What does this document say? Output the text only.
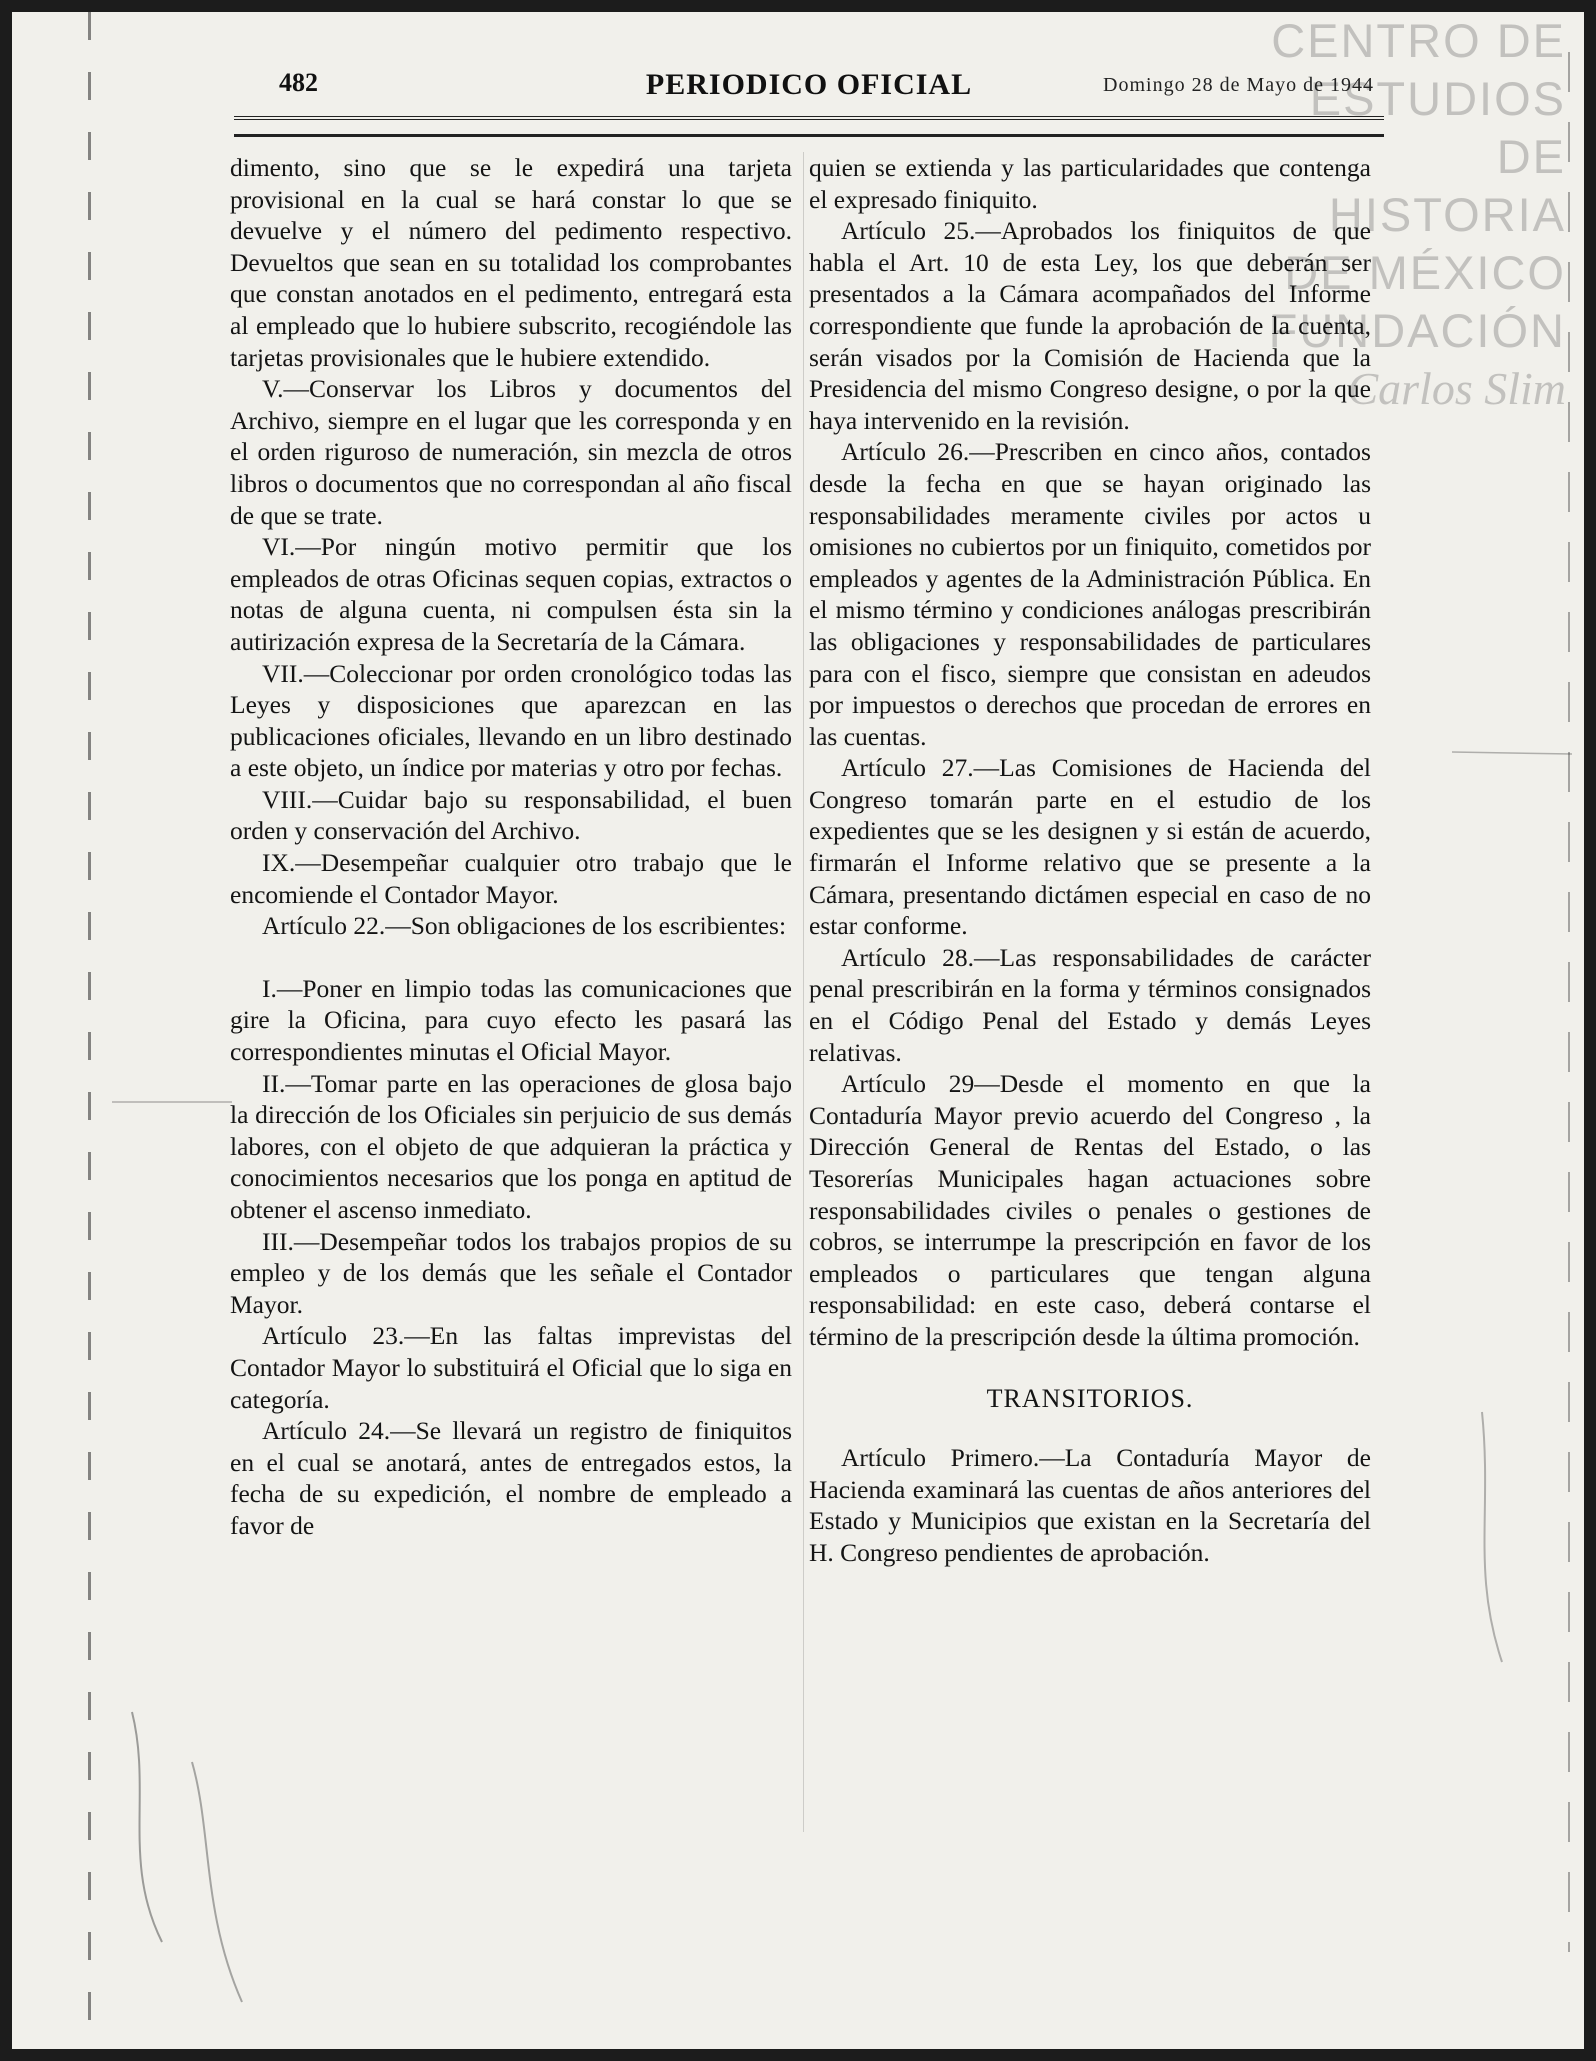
CENTRO DE
ESTUDIOS
DE HISTORIA
DE MÉXICO
FUNDACIÓN
Carlos Slim
482	PERIODICO OFICIAL	Domingo 28 de Mayo de 1944

dimento, sino que se le expedirá una tarjeta provisional en la cual se hará constar lo que se devuelve y el número del pedimento respectivo. Devueltos que sean en su totalidad los comprobantes que constan anotados en el pedimento, entregará esta al empleado que lo hubiere subscrito, recogiéndole las tarjetas provisionales que le hubiere extendido.

V.—Conservar los Libros y documentos del Archivo, siempre en el lugar que les corresponda y en el orden riguroso de numeración, sin mezcla de otros libros o documentos que no correspondan al año fiscal de que se trate.

VI.—Por ningún motivo permitir que los empleados de otras Oficinas sequen copias, extractos o notas de alguna cuenta, ni compulsen ésta sin la autirización expresa de la Secretaría de la Cámara.

VII.—Coleccionar por orden cronológico todas las Leyes y disposiciones que aparezcan en las publicaciones oficiales, llevando en un libro destinado a este objeto, un índice por materias y otro por fechas.

VIII.—Cuidar bajo su responsabilidad, el buen orden y conservación del Archivo.

IX.—Desempeñar cualquier otro trabajo que le encomiende el Contador Mayor.

Artículo 22.—Son obligaciones de los escribientes:

I.—Poner en limpio todas las comunicaciones que gire la Oficina, para cuyo efecto les pasará las correspondientes minutas el Oficial Mayor.

II.—Tomar parte en las operaciones de glosa bajo la dirección de los Oficiales sin perjuicio de sus demás labores, con el objeto de que adquieran la práctica y conocimientos necesarios que los ponga en aptitud de obtener el ascenso inmediato.

III.—Desempeñar todos los trabajos propios de su empleo y de los demás que les señale el Contador Mayor.

Artículo 23.—En las faltas imprevistas del Contador Mayor lo substituirá el Oficial que lo siga en categoría.

Artículo 24.—Se llevará un registro de finiquitos en el cual se anotará, antes de entregados estos, la fecha de su expedición, el nombre de empleado a favor de

quien se extienda y las particularidades que contenga el expresado finiquito.

Artículo 25.—Aprobados los finiquitos de que habla el Art. 10 de esta Ley, los que deberán ser presentados a la Cámara acompañados del Informe correspondiente que funde la aprobación de la cuenta, serán visados por la Comisión de Hacienda que la Presidencia del mismo Congreso designe, o por la que haya intervenido en la revisión.

Artículo 26.—Prescriben en cinco años, contados desde la fecha en que se hayan originado las responsabilidades meramente civiles por actos u omisiones no cubiertos por un finiquito, cometidos por empleados y agentes de la Administración Pública. En el mismo término y condiciones análogas prescribirán las obligaciones y responsabilidades de particulares para con el fisco, siempre que consistan en adeudos por impuestos o derechos que procedan de errores en las cuentas.

Artículo 27.—Las Comisiones de Hacienda del Congreso tomarán parte en el estudio de los expedientes que se les designen y si están de acuerdo, firmarán el Informe relativo que se presente a la Cámara, presentando dictámen especial en caso de no estar conforme.

Artículo 28.—Las responsabilidades de carácter penal prescribirán en la forma y términos consignados en el Código Penal del Estado y demás Leyes relativas.

Artículo 29—Desde el momento en que la Contaduría Mayor previo acuerdo del Congreso , la Dirección General de Rentas del Estado, o las Tesorerías Municipales hagan actuaciones sobre responsabilidades civiles o penales o gestiones de cobros, se interrumpe la prescripción en favor de los empleados o particulares que tengan alguna responsabilidad: en este caso, deberá contarse el término de la prescripción desde la última promoción.

TRANSITORIOS.

Artículo Primero.—La Contaduría Mayor de Hacienda examinará las cuentas de años anteriores del Estado y Municipios que existan en la Secretaría del H. Congreso pendientes de aprobación.
